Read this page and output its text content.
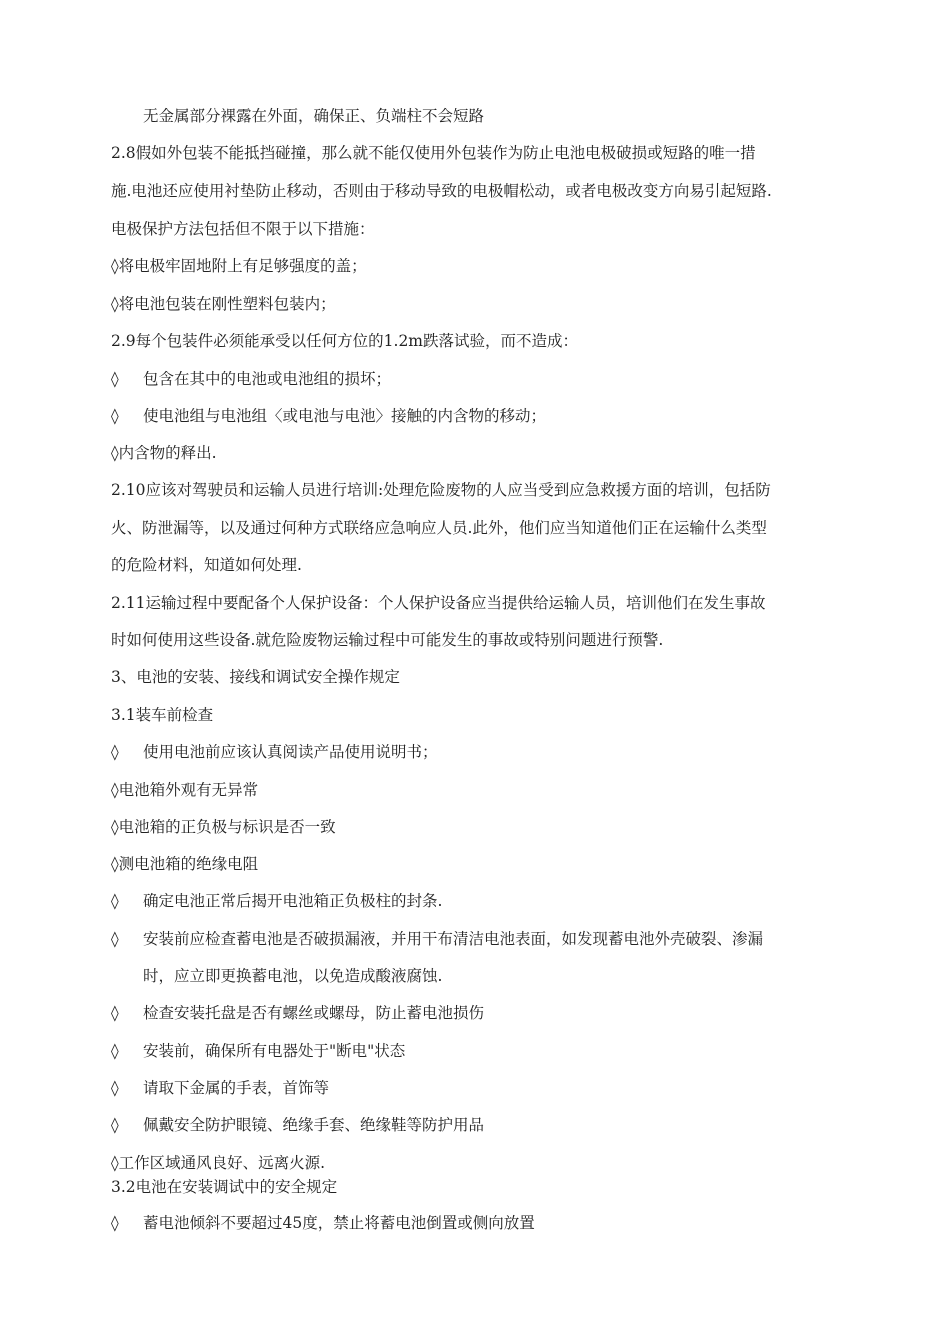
无金属部分裸露在外面，确保正、负端柱不会短路
2.8假如外包装不能抵挡碰撞，那么就不能仅使用外包装作为防止电池电极破损或短路的唯一措
施.电池还应使用衬垫防止移动，否则由于移动导致的电极帽松动，或者电极改变方向易引起短路.
电极保护方法包括但不限于以下措施：
◊将电极牢固地附上有足够强度的盖；
◊将电池包装在刚性塑料包装内；
2.9每个包装件必须能承受以任何方位的1.2m跌落试验，而不造成：
◊ 包含在其中的电池或电池组的损坏；
◊ 使电池组与电池组〈或电池与电池〉接触的内含物的移动；
◊内含物的释出.
2.10应该对驾驶员和运输人员进行培训:处理危险废物的人应当受到应急救援方面的培训，包括防
火、防泄漏等，以及通过何种方式联络应急响应人员.此外，他们应当知道他们正在运输什么类型
的危险材料，知道如何处理.
2.11运输过程中要配备个人保护设备：个人保护设备应当提供给运输人员，培训他们在发生事故
时如何使用这些设备.就危险废物运输过程中可能发生的事故或特别问题进行预警.
3、电池的安装、接线和调试安全操作规定
3.1装车前检查
◊ 使用电池前应该认真阅读产品使用说明书；
◊电池箱外观有无异常
◊电池箱的正负极与标识是否一致
◊测电池箱的绝缘电阻
◊ 确定电池正常后揭开电池箱正负极柱的封条.
◊ 安装前应检查蓄电池是否破损漏液，并用干布清洁电池表面，如发现蓄电池外壳破裂、渗漏
时，应立即更换蓄电池，以免造成酸液腐蚀.
◊ 检查安装托盘是否有螺丝或螺母，防止蓄电池损伤
◊ 安装前，确保所有电器处于"断电"状态
◊ 请取下金属的手表，首饰等
◊ 佩戴安全防护眼镜、绝缘手套、绝缘鞋等防护用品
◊工作区域通风良好、远离火源.
3.2电池在安装调试中的安全规定
◊ 蓄电池倾斜不要超过45度，禁止将蓄电池倒置或侧向放置
